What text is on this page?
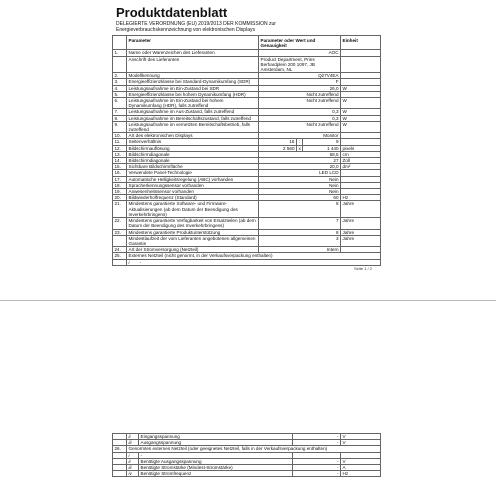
Produktdatenblatt
DELEGIERTE VERORDNUNG (EU) 2019/2013 DER KOMMISSION zur Energieverbrauchskennzeichnung von elektronischen Displays
	Parameter	Parameter oder Wert und Genauigkeit			Einheit
1.	Name oder Warenzeichen des Lieferanten	AOC			
	Anschrift des Lieferanten	Product Department, Prins Berhardplein 200 1097, JB Amsterdam, NL			
2.	Modellkennung	Q27V4EA			
3.	Energieeffizienzklasse bei Standard-Dynamikumfang (SDR)	F			
4.	Leistungsaufnahme im Ein-Zustand bei SDR	26,0			W
5.	Energieeffizienzklasse bei hohem Dynamikumfang (HDR)	Nicht zutreffend			
6.	Leistungsaufnahme im Ein-Zustand bei hohem Dynamikumfang (HDR), falls zutreffend	Nicht zutreffend			W
7.	Leistungsaufnahme im Aus-Zustand, falls zutreffend	0,3			W
8.	Leistungsaufnahme im Bereitschaftszustand, falls zutreffend	0,3			W
9.	Leistungsaufnahme im vernetzten Bereitschaftsbetrieb, falls zutreffend	Nicht zutreffend			W
10.	Art des elektronischen Displays	Monitor			
11.	Seitenverhältnis	16	:	9	
12.	Bildschirmauflösung	2 560	x	1 440	pixels
13.	Bildschirmdiagonale	68,5			cm
14.	Bildschirmdiagonale	27			Zoll
15.	Sichtbare Bildschirmfläche	20,0			dm²
16.	Verwendete Panel-Technologie	LED LCD			
17.	Automatische Helligkeitsregelung (ABC) vorhanden	Nein			
18.	Spracherkennungssensor vorhanden	Nein			
19.	Anwesenheitssensor vorhanden	Nein			
20.	Bildwiederholfrequenz (Standard)	60			Hz
21.	Mindestens garantierte Software- und Firmware-Aktualisierungen (ab dem Datum der Beendigung des Inverkehrbringens)	8			Jahre
22.	Mindestens garantierte Verfügbarkeit von Ersatzteilen (ab dem Datum der Beendigung des Inverkehrbringens)	7			Jahre
23.	Mindestens garantierte Produktunterstützung	8			Jahre
	Mindestlaufzeit der vom Lieferanten angebotenen allgemeinen Garantie	3			Jahre
24.	Art der Stromversorgung (Netzteil)	Intern			
25.	Externes Netzteil (nicht genormt, in der Verkaufsverpackung enthalten)				
	i -				
Seite 1 / 2
	ii	Eingangsspannung	-	V
	iii	Ausgangsspannung	-	V
26.	Genormtes externes Netzteil (oder geeignetes Netzteil, falls in der Verkaufsverpackung enthalten)			
	i	-		
	ii	Benötigte Ausgangsspannung	-	V
	iii	Benötigte Stromstärke (Mindest-Stromstärke)	-	A
	iv	Benötigte Stromfrequenz	-	Hz
